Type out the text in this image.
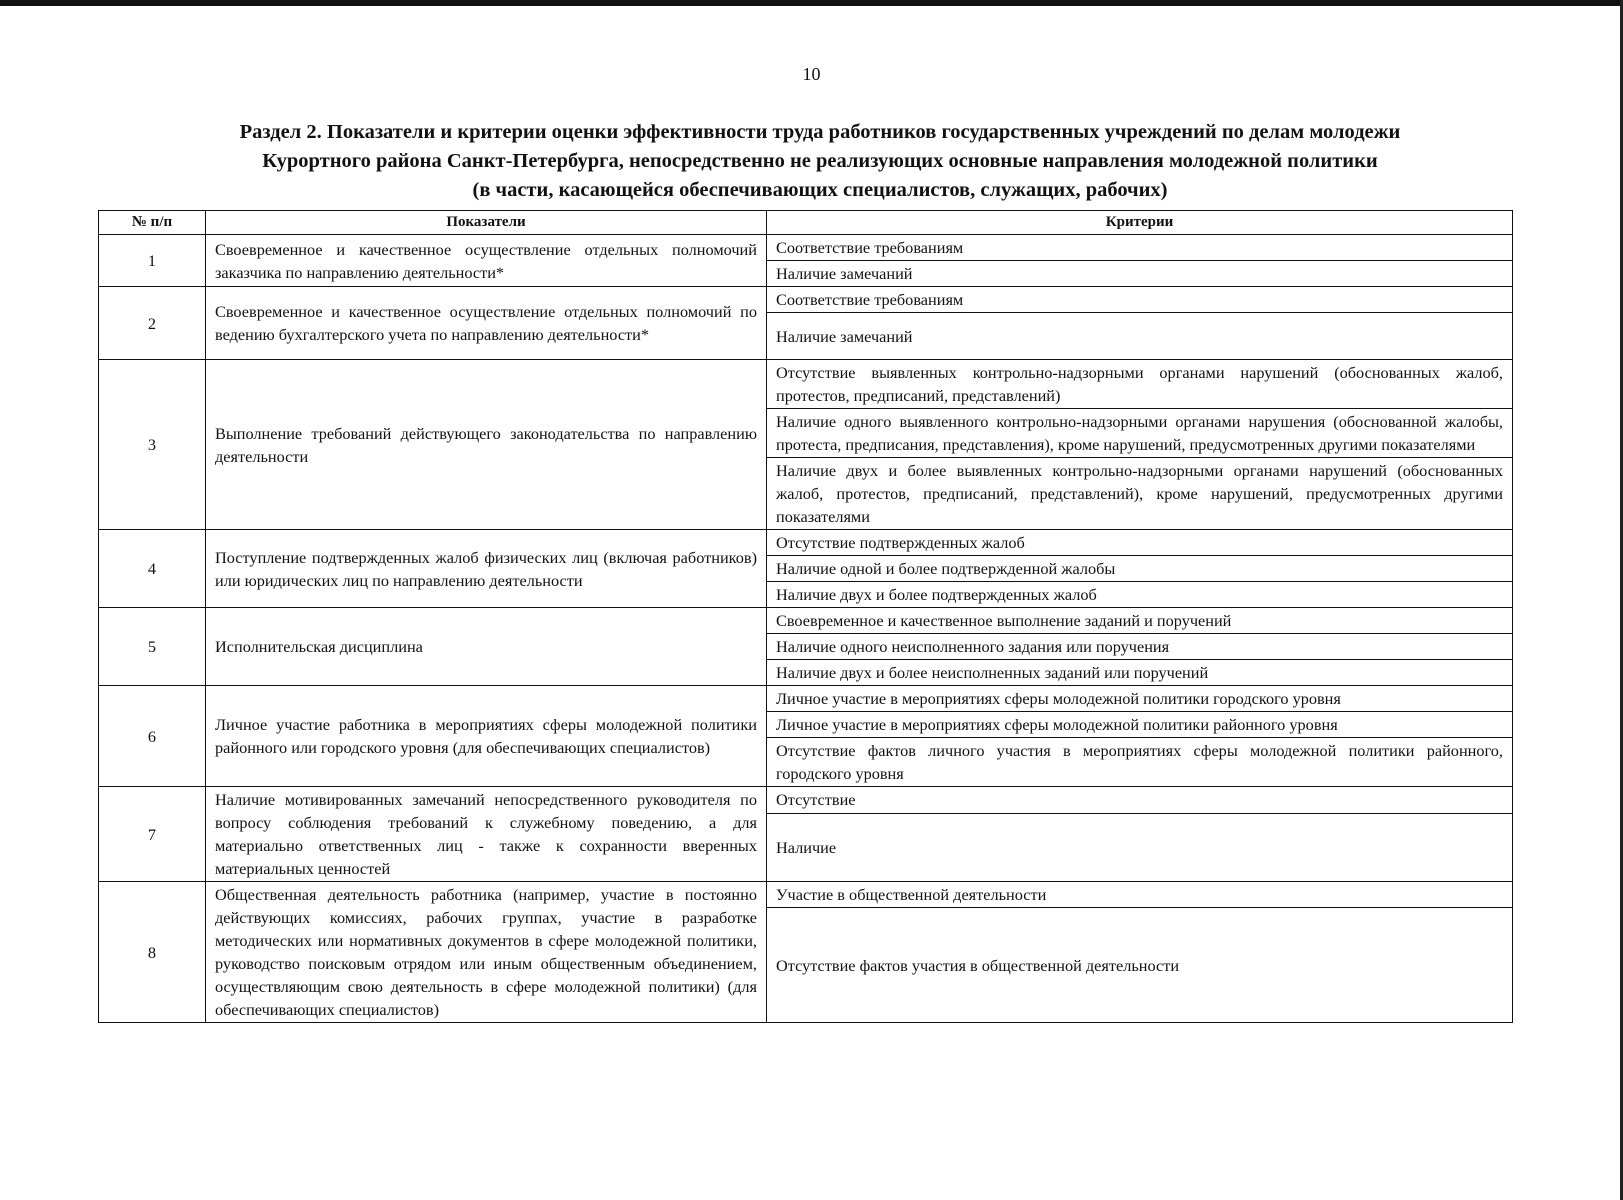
10
Раздел 2. Показатели и критерии оценки эффективности труда работников государственных учреждений по делам молодежи
Курортного района Санкт-Петербурга, непосредственно не реализующих основные направления молодежной политики
(в части, касающейся обеспечивающих специалистов, служащих, рабочих)
№ п/п	Показатели	Критерии
1	Своевременное и качественное осуществление отдельных полномочий заказчика по направлению деятельности*	Соответствие требованиям
		Наличие замечаний
2	Своевременное и качественное осуществление отдельных полномочий по ведению бухгалтерского учета по направлению деятельности*	Соответствие требованиям
		Наличие замечаний
3	Выполнение требований действующего законодательства по направлению деятельности	Отсутствие выявленных контрольно-надзорными органами нарушений (обоснованных жалоб, протестов, предписаний, представлений)
		Наличие одного выявленного контрольно-надзорными органами нарушения (обоснованной жалобы, протеста, предписания, представления), кроме нарушений, предусмотренных другими показателями
		Наличие двух и более выявленных контрольно-надзорными органами нарушений (обоснованных жалоб, протестов, предписаний, представлений), кроме нарушений, предусмотренных другими показателями
4	Поступление подтвержденных жалоб физических лиц (включая работников) или юридических лиц по направлению деятельности	Отсутствие подтвержденных жалоб
		Наличие одной и более подтвержденной жалобы
		Наличие двух и более подтвержденных жалоб
5	Исполнительская дисциплина	Своевременное и качественное выполнение заданий и поручений
		Наличие одного неисполненного задания или поручения
		Наличие двух и более неисполненных заданий или поручений
6	Личное участие работника в мероприятиях сферы молодежной политики районного или городского уровня (для обеспечивающих специалистов)	Личное участие в мероприятиях сферы молодежной политики городского уровня
		Личное участие в мероприятиях сферы молодежной политики районного уровня
		Отсутствие фактов личного участия в мероприятиях сферы молодежной политики районного, городского уровня
7	Наличие мотивированных замечаний непосредственного руководителя по вопросу соблюдения требований к служебному поведению, а для материально ответственных лиц - также к сохранности вверенных материальных ценностей	Отсутствие
		Наличие
8	Общественная деятельность работника (например, участие в постоянно действующих комиссиях, рабочих группах, участие в разработке методических или нормативных документов в сфере молодежной политики, руководство поисковым отрядом или иным общественным объединением, осуществляющим свою деятельность в сфере молодежной политики) (для обеспечивающих специалистов)	Участие в общественной деятельности
		Отсутствие фактов участия в общественной деятельности
